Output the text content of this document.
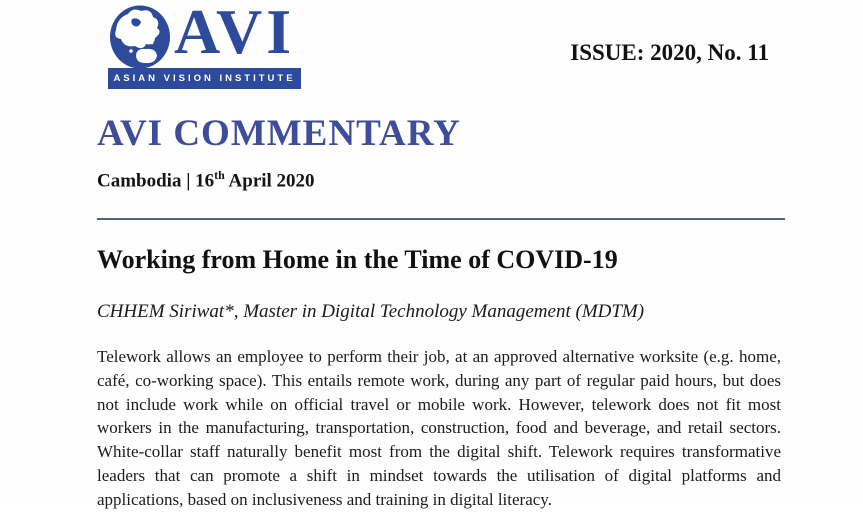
AVI
ASIAN VISION INSTITUTE
ISSUE: 2020, No. 11
AVI COMMENTARY
Cambodia | 16th April 2020
Working from Home in the Time of COVID-19
CHHEM Siriwat*, Master in Digital Technology Management (MDTM)
Telework allows an employee to perform their job, at an approved alternative worksite (e.g. home, café, co-working space). This entails remote work, during any part of regular paid hours, but does not include work while on official travel or mobile work. However, telework does not fit most workers in the manufacturing, transportation, construction, food and beverage, and retail sectors. White-collar staff naturally benefit most from the digital shift. Telework requires transformative leaders that can promote a shift in mindset towards the utilisation of digital platforms and applications, based on inclusiveness and training in digital literacy.
